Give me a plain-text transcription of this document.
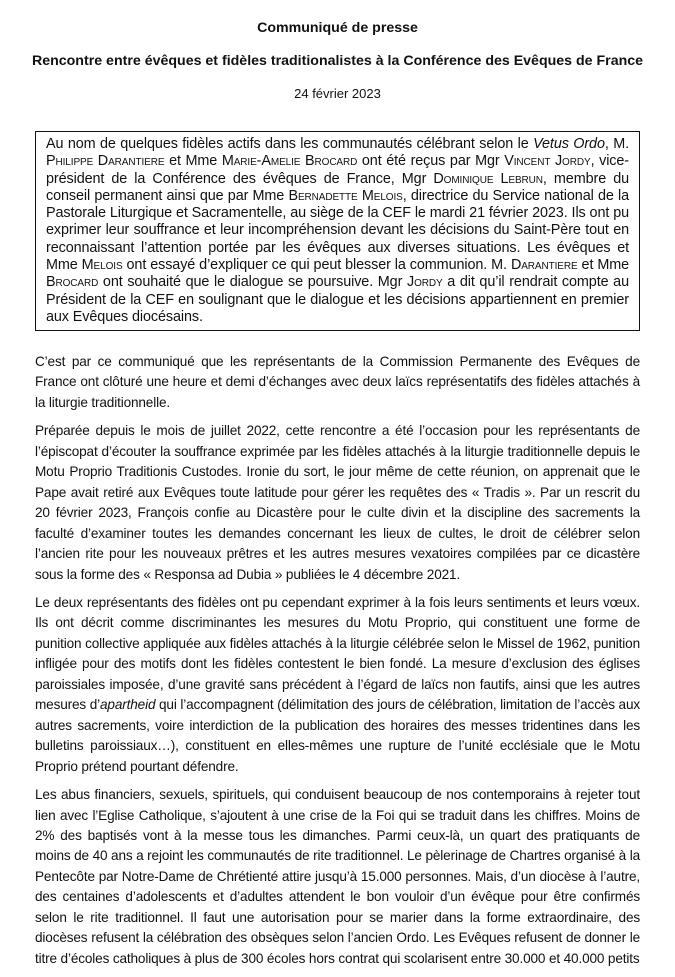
Communiqué de presse
Rencontre entre évêques et fidèles traditionalistes à la Conférence des Evêques de France
24 février 2023

Au nom de quelques fidèles actifs dans les communautés célébrant selon le Vetus Ordo, M. Philippe Darantiere et Mme Marie-Amelie Brocard ont été reçus par Mgr Vincent Jordy, vice-président de la Conférence des évêques de France, Mgr Dominique Lebrun, membre du conseil permanent ainsi que par Mme Bernadette Melois, directrice du Service national de la Pastorale Liturgique et Sacramentelle, au siège de la CEF le mardi 21 février 2023. Ils ont pu exprimer leur souffrance et leur incompréhension devant les décisions du Saint-Père tout en reconnaissant l’attention portée par les évêques aux diverses situations. Les évêques et Mme Melois ont essayé d’expliquer ce qui peut blesser la communion. M. Darantiere et Mme Brocard ont souhaité que le dialogue se poursuive. Mgr Jordy a dit qu’il rendrait compte au Président de la CEF en soulignant que le dialogue et les décisions appartiennent en premier aux Evêques diocésains.

C’est par ce communiqué que les représentants de la Commission Permanente des Evêques de France ont clôturé une heure et demi d’échanges avec deux laïcs représentatifs des fidèles attachés à la liturgie traditionnelle.

Préparée depuis le mois de juillet 2022, cette rencontre a été l’occasion pour les représentants de l’épiscopat d’écouter la souffrance exprimée par les fidèles attachés à la liturgie traditionnelle depuis le Motu Proprio Traditionis Custodes. Ironie du sort, le jour même de cette réunion, on apprenait que le Pape avait retiré aux Evêques toute latitude pour gérer les requêtes des « Tradis ». Par un rescrit du 20 février 2023, François confie au Dicastère pour le culte divin et la discipline des sacrements la faculté d’examiner toutes les demandes concernant les lieux de cultes, le droit de célébrer selon l’ancien rite pour les nouveaux prêtres et les autres mesures vexatoires compilées par ce dicastère sous la forme des « Responsa ad Dubia » publiées le 4 décembre 2021.

Le deux représentants des fidèles ont pu cependant exprimer à la fois leurs sentiments et leurs vœux. Ils ont décrit comme discriminantes les mesures du Motu Proprio, qui constituent une forme de punition collective appliquée aux fidèles attachés à la liturgie célébrée selon le Missel de 1962, punition infligée pour des motifs dont les fidèles contestent le bien fondé. La mesure d’exclusion des églises paroissiales imposée, d’une gravité sans précédent à l’égard de laïcs non fautifs, ainsi que les autres mesures d’apartheid qui l’accompagnent (délimitation des jours de célébration, limitation de l’accès aux autres sacrements, voire interdiction de la publication des horaires des messes tridentines dans les bulletins paroissiaux…), constituent en elles-mêmes une rupture de l’unité ecclésiale que le Motu Proprio prétend pourtant défendre.

Les abus financiers, sexuels, spirituels, qui conduisent beaucoup de nos contemporains à rejeter tout lien avec l’Eglise Catholique, s’ajoutent à une crise de la Foi qui se traduit dans les chiffres. Moins de 2% des baptisés vont à la messe tous les dimanches. Parmi ceux-là, un quart des pratiquants de moins de 40 ans a rejoint les communautés de rite traditionnel. Le pèlerinage de Chartres organisé à la Pentecôte par Notre-Dame de Chrétienté attire jusqu’à 15.000 personnes. Mais, d’un diocèse à l’autre, des centaines d’adolescents et d’adultes attendent le bon vouloir d’un évêque pour être confirmés selon le rite traditionnel. Il faut une autorisation pour se marier dans la forme extraordinaire, des diocèses refusent la célébration des obsèques selon l’ancien Ordo. Les Evêques refusent de donner le titre d’écoles catholiques à plus de 300 écoles hors contrat qui scolarisent entre 30.000 et 40.000 petits
